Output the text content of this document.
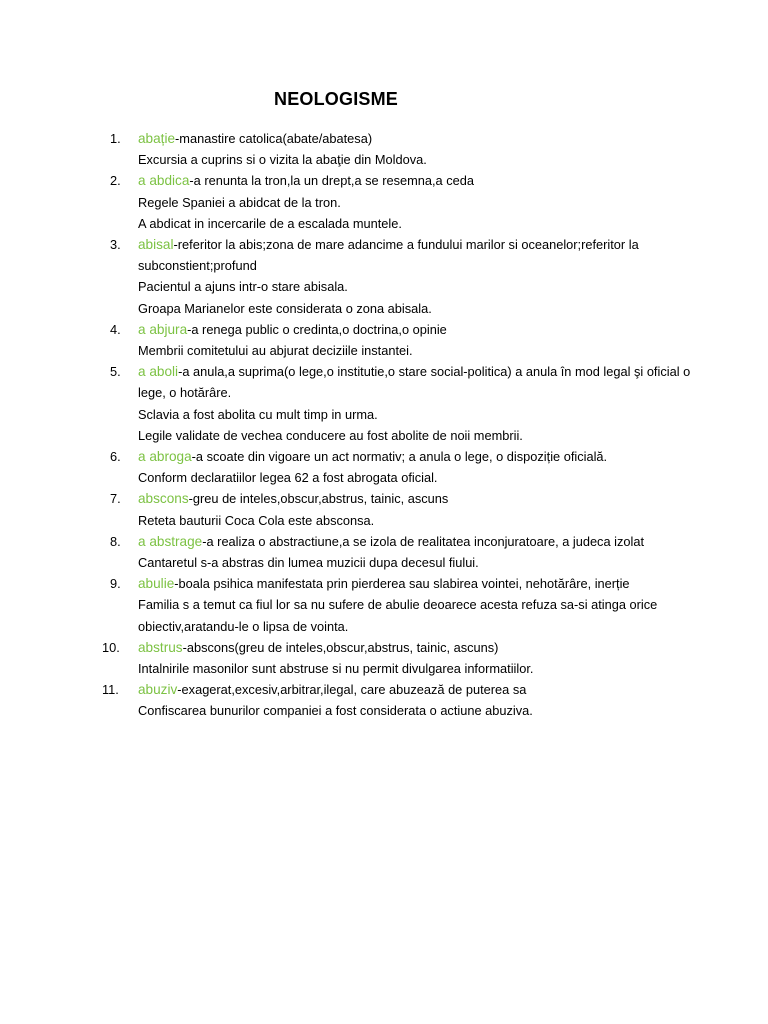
NEOLOGISME
1.	abație-manastire catolica(abate/abatesa)
Excursia a cuprins si o vizita la abaţie din Moldova.
2.	a abdica-a renunta la tron,la un drept,a se resemna,a ceda
Regele Spaniei a abidcat de la tron.
A abdicat in incercarile de a escalada muntele.
3.	abisal-referitor la abis;zona de mare adancime a fundului marilor si oceanelor;referitor la subconstient;profund
Pacientul a ajuns intr-o stare abisala.
Groapa Marianelor este considerata o zona abisala.
4.	a abjura-a renega public o credinta,o doctrina,o opinie
Membrii comitetului au abjurat deciziile instantei.
5.	a aboli-a anula,a suprima(o lege,o institutie,o stare social-politica) a anula în mod legal şi oficial o lege, o hotărâre.
Sclavia a fost abolita cu mult timp in urma.
Legile validate de vechea conducere au fost abolite de noii membrii.
6.	a abroga-a scoate din vigoare un act normativ; a anula o lege, o dispoziție oficială.
Conform declaratiilor legea 62 a fost abrogata oficial.
7.	abscons-greu de inteles,obscur,abstrus, tainic, ascuns
Reteta bauturii Coca Cola este absconsa.
8.	a abstrage-a realiza o abstractiune,a se izola de realitatea inconjuratoare, a judeca izolat
Cantaretul s-a abstras din lumea muzicii dupa decesul fiului.
9.	abulie-boala psihica manifestata prin pierderea sau slabirea vointei, nehotărâre, inerție
Familia s a temut ca fiul lor sa nu sufere de abulie deoarece acesta refuza sa-si atinga orice obiectiv,aratandu-le o lipsa de vointa.
10.	abstrus-abscons(greu de inteles,obscur,abstrus, tainic, ascuns)
Intalnirile masonilor sunt abstruse si nu permit divulgarea informatiilor.
11.	abuziv-exagerat,excesiv,arbitrar,ilegal, care abuzează de puterea sa
Confiscarea bunurilor companiei a fost considerata o actiune abuziva.
